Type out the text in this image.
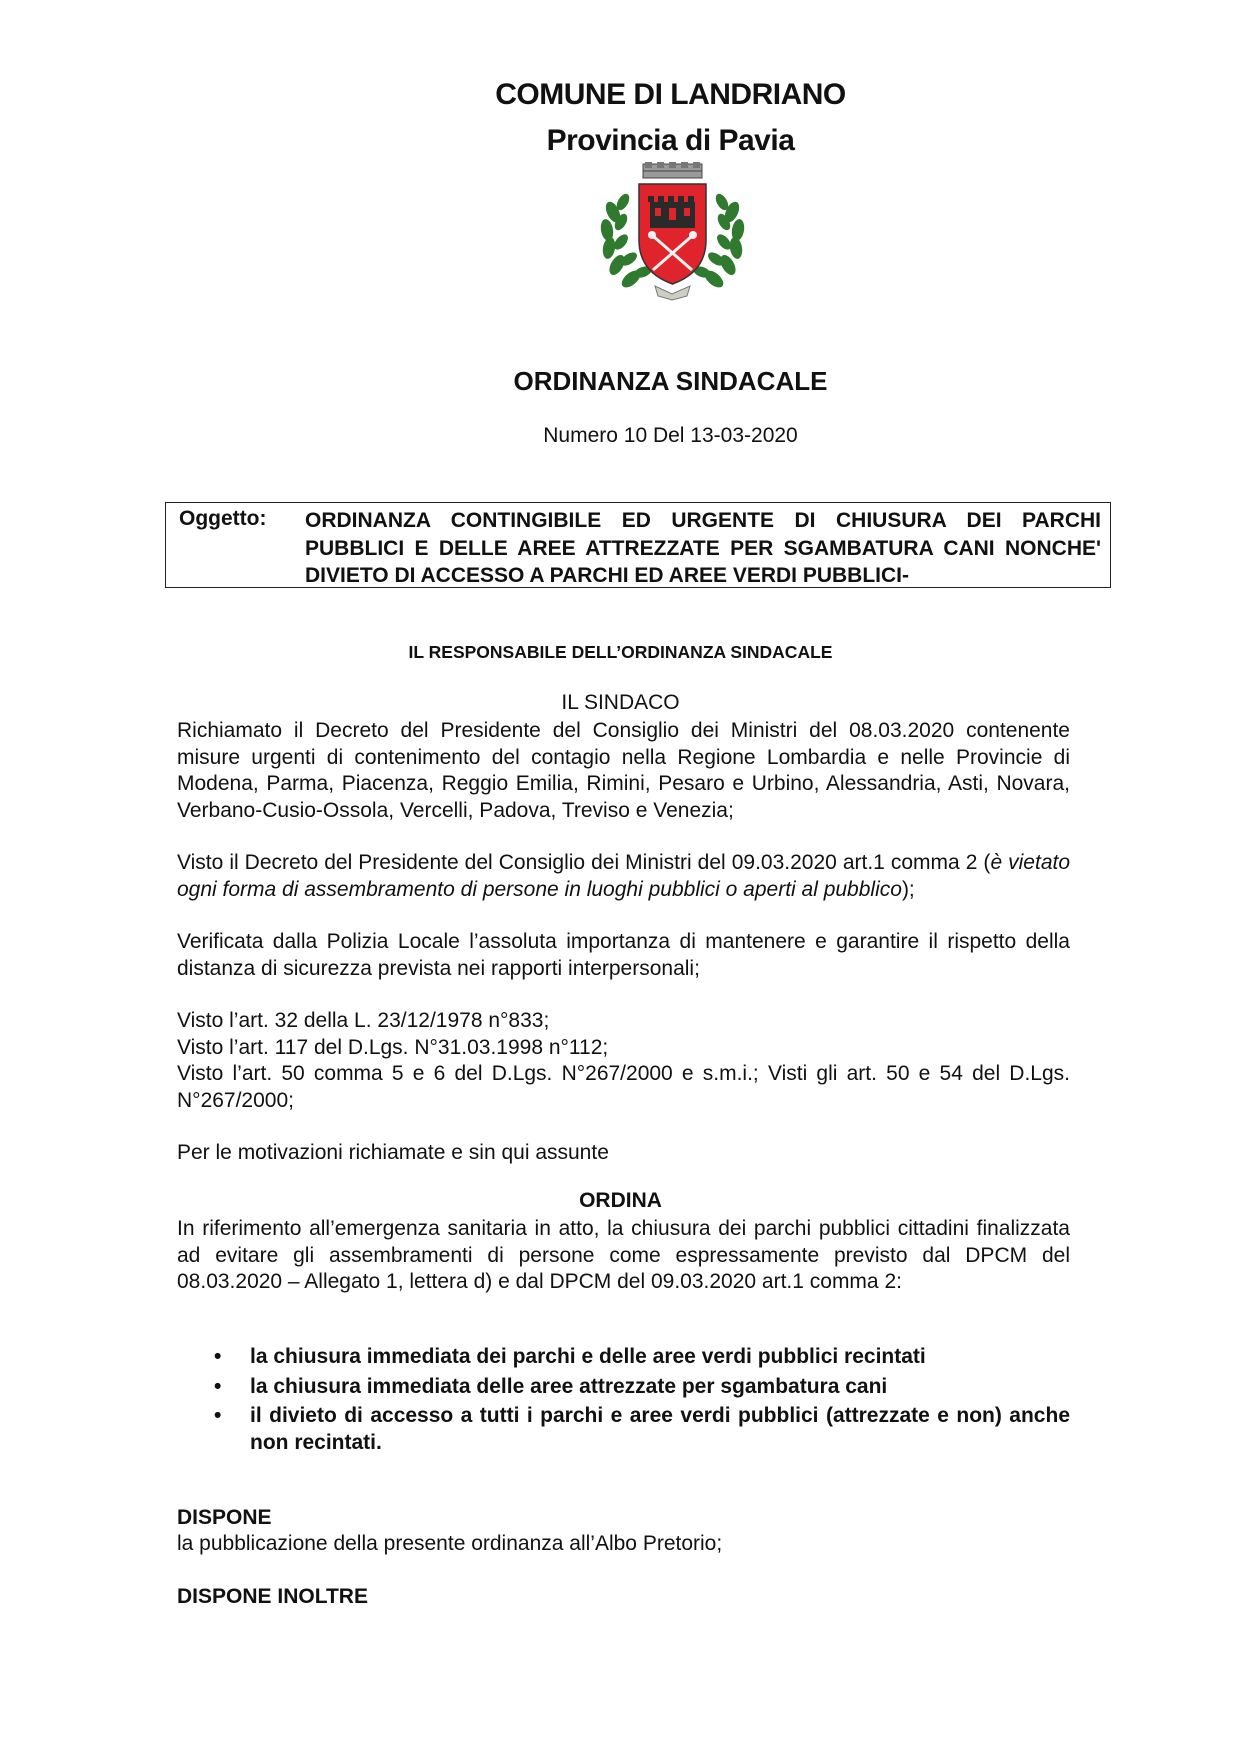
COMUNE DI LANDRIANO
Provincia di Pavia
ORDINANZA SINDACALE
Numero 10 Del 13-03-2020
Oggetto: ORDINANZA CONTINGIBILE ED URGENTE DI CHIUSURA DEI PARCHI PUBBLICI E DELLE AREE ATTREZZATE PER SGAMBATURA CANI NONCHE' DIVIETO DI ACCESSO A PARCHI ED AREE VERDI PUBBLICI-
IL RESPONSABILE DELL’ORDINANZA SINDACALE
IL SINDACO
Richiamato il Decreto del Presidente del Consiglio dei Ministri del 08.03.2020 contenente misure urgenti di contenimento del contagio nella Regione Lombardia e nelle Provincie di Modena, Parma, Piacenza, Reggio Emilia, Rimini, Pesaro e Urbino, Alessandria, Asti, Novara, Verbano-Cusio-Ossola, Vercelli, Padova, Treviso e Venezia;
Visto il Decreto del Presidente del Consiglio dei Ministri del 09.03.2020 art.1 comma 2 (è vietato ogni forma di assembramento di persone in luoghi pubblici o aperti al pubblico);
Verificata dalla Polizia Locale l’assoluta importanza di mantenere e garantire il rispetto della distanza di sicurezza prevista nei rapporti interpersonali;
Visto l’art. 32 della L. 23/12/1978 n°833;
Visto l’art. 117 del D.Lgs. N°31.03.1998 n°112;
Visto l’art. 50 comma 5 e 6 del D.Lgs. N°267/2000 e s.m.i.; Visti gli art. 50 e 54 del D.Lgs. N°267/2000;
Per le motivazioni richiamate e sin qui assunte
ORDINA
In riferimento all’emergenza sanitaria in atto, la chiusura dei parchi pubblici cittadini finalizzata ad evitare gli assembramenti di persone come espressamente previsto dal DPCM del 08.03.2020 – Allegato 1, lettera d) e dal DPCM del 09.03.2020 art.1 comma 2:
• la chiusura immediata dei parchi e delle aree verdi pubblici recintati
• la chiusura immediata delle aree attrezzate per sgambatura cani
• il divieto di accesso a tutti i parchi e aree verdi pubblici (attrezzate e non) anche non recintati.
DISPONE
la pubblicazione della presente ordinanza all’Albo Pretorio;
DISPONE INOLTRE
